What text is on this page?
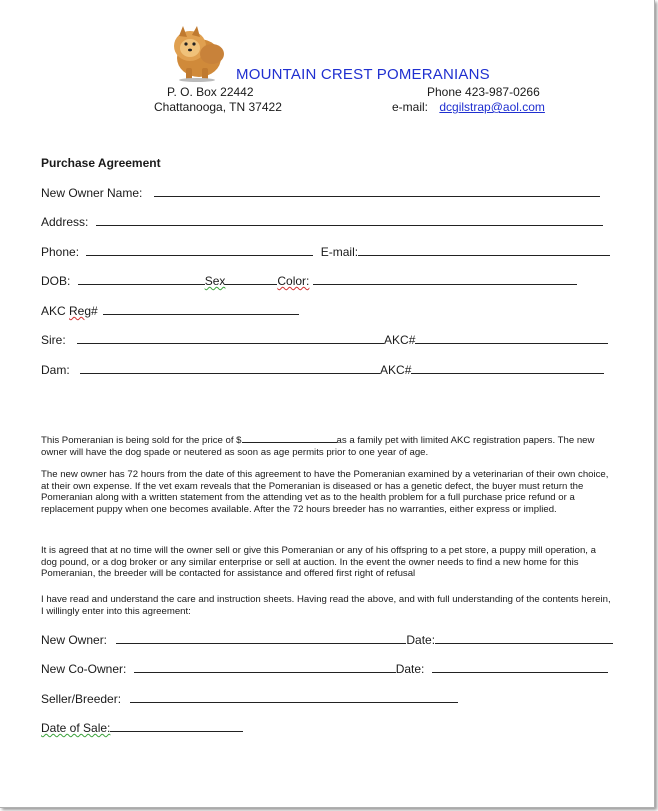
MOUNTAIN CREST POMERANIANS
P. O. Box 22442	Phone 423-987-0266
Chattanooga, TN 37422	e-mail: dcgilstrap@aol.com
Purchase Agreement
New Owner Name:
Address:
Phone:	E-mail:
DOB:	Sex	Color:
AKC Reg#
Sire:	AKC#
Dam:	AKC#

This Pomeranian is being sold for the price of $	as a family pet with limited AKC registration papers. The new owner will have the dog spade or neutered as soon as age permits prior to one year of age.

The new owner has 72 hours from the date of this agreement to have the Pomeranian examined by a veterinarian of their own choice, at their own expense. If the vet exam reveals that the Pomeranian is diseased or has a genetic defect, the buyer must return the Pomeranian along with a written statement from the attending vet as to the health problem for a full purchase price refund or a replacement puppy when one becomes available. After the 72 hours breeder has no warranties, either express or implied.

It is agreed that at no time will the owner sell or give this Pomeranian or any of his offspring to a pet store, a puppy mill operation, a dog pound, or a dog broker or any similar enterprise or sell at auction. In the event the owner needs to find a new home for this Pomeranian, the breeder will be contacted for assistance and offered first right of refusal

I have read and understand the care and instruction sheets. Having read the above, and with full understanding of the contents herein, I willingly enter into this agreement:

New Owner:	Date:
New Co-Owner:	Date:
Seller/Breeder:
Date of Sale:
